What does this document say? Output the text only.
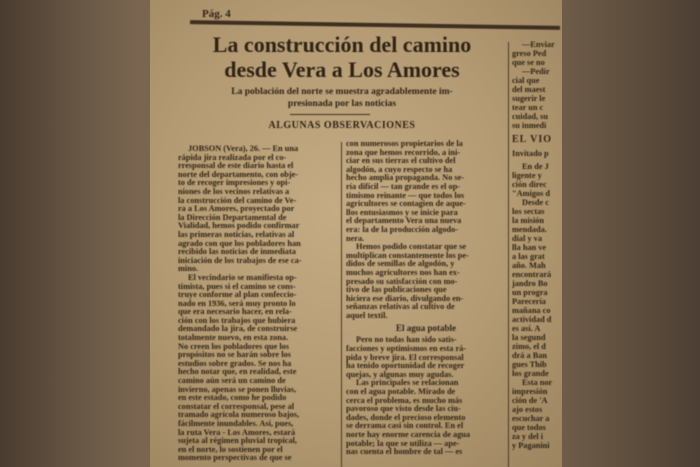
Pág. 4
La construcción del camino
desde Vera a Los Amores
La población del norte se muestra agradablemente im-
presionada por las noticias
ALGUNAS OBSERVACIONES
JOBSON (Vera), 26. — En una
rápida jira realizada por el co-
rresponsal de este diario hasta el
norte del departamento, con obje-
to de recoger impresiones y opi-
niones de los vecinos relativas a
la construcción del camino de Ve-
ra a Los Amores, proyectado por
la Dirección Departamental de
Vialidad, hemos podido confirmar
las primeras noticias, relativas al
agrado con que los pobladores han
recibido las noticias de inmediata
iniciación de los trabajos de ese ca-
mino.
El vecindario se manifiesta op-
timista, pues si el camino se cons-
truye conforme al plan confeccio-
nado en 1936, será muy pronto lo
que era necesario hacer, en rela-
ción con los trabajos que hubiera
demandado la jira, de construirse
totalmente nuevo, en esta zona.
No creen los pobladores que los
propósitos no se harán sobre los
estudios sobre grados. Se nos ha
hecho notar que, en realidad, este
camino aún será un camino de
invierno, apenas se ponen lluvias,
en este estado, como he podido
constatar el corresponsal, pese al
tramado agrícola numeroso bajos,
fácilmente inundables. Así, pues,
la ruta Vera - Los Amores, estará
sujeta al régimen pluvial tropical,
en el norte, lo sostienen por el
momento perspectivas de que se
con numerosos propietarios de la
zona que hemos recorrido, a ini-
ciar en sus tierras el cultivo del
algodón, a cuyo respecto se ha
hecho amplia propaganda. No se-
ría difícil — tan grande es el op-
timismo reinante — que todos los
agricultores se contagien de aque-
llos entusiasmos y se inicie para
el departamento Vera una nueva
era: la de la producción algodo-
nera.
Hemos podido constatar que se
multiplican constantemente los pe-
didos de semillas de algodón, y
muchos agricultores nos han ex-
presado su satisfacción con mo-
tivo de las publicaciones que
hiciera ese diario, divulgando en-
señanzas relativas al cultivo de
aquel textil.
El agua potable
Pero no todas han sido satis-
facciones y optimismos en esta rá-
pida y breve jira. El corresponsal
ha tenido oportunidad de recoger
quejas, y algunas muy agudas.
Las principales se relacionan
con el agua potable. Mirado de
cerca el problema, es mucho más
pavoroso que visto desde las ciu-
dades, donde el precioso elemento
se derrama casi sin control. En el
norte hay enorme carencia de agua
potable; la que se utiliza — ape-
nas cuenta el hombre de tal — es
—Enviar
greso Ped
que se no
—Pedir
cial que
del maest
sugerir le
tear un c
cuidad, su
su inmedi
EL VIO
Invitado p
En de J
ligente y
ción direc
"Amigos d
Desde c
los sectas
la misión
mendada.
dial y va
lla han ve
a las grat
año. Mah
encontrará
jandro Bo
un progra
Parecería
mañana co
actividad d
es así. A
la segund
zimo, el d
drá a Ban
gues Thib
los grande
Esta nor
impresión
ción de 'A
ajo estos
escuchar a
que todos
za y del i
y Paganini
